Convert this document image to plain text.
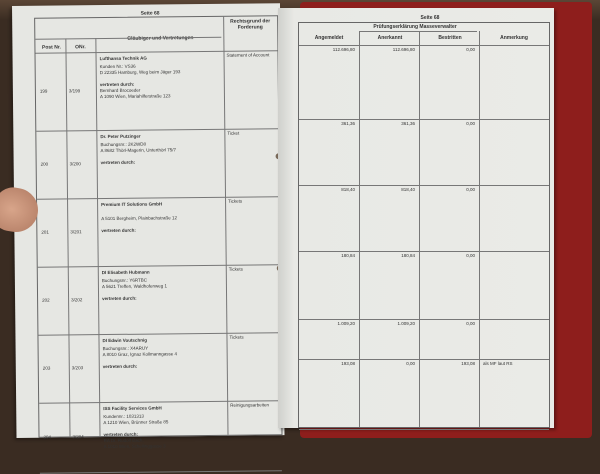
Seite 68
Post Nr.	ONr.
Gläubiger und Vertretungen
Rechtsgrund der Forderung
199	3/199
Lufthansa Technik AG
Kunden Nr.: VS36
D 22335 Hamburg, Weg beim Jäger 193
vertreten durch:
Bernhard Brocoeder
A 1090 Wien, Mariahilferstraße 123
Statement of Account
200	3/200
Dr. Peter Putzinger
Buchungsnr.: 2K2WD8
A 8682 Thörl-Magerin, Unterthörl 75/7
vertreten durch:
Ticket
201	3/201
Premium IT Solutions GmbH
A 5101 Bergheim, Plainbachstraße 12
vertreten durch:
Tickets
202	3/202
DI Elisabeth Hubmann
Buchungsnr.: Y6RTBC
A 5621 Treffen, Waldhofenweg 1
vertreten durch:
Tickets
203	3/203
DI Edwin Voutschnig
Buchungsnr.: X4ARUY
A 8010 Graz, Ignaz Kollmanngasse 4
vertreten durch:
Tickets
204	3/204
ISS Facility Services GmbH
Kundennr.: 1031313
A 1210 Wien, Brünner Straße 85
vertreten durch:
RA Dr. Rudolf Bach,
A 1010 Wien, Schellinggasse 3
Reinigungsarbeiten
Seite 68
Prüfungserklärung Masseverwalter
Angemeldet	Anerkannt	Bestritten	Anmerkung
112.696,80	112.696,80	0,00
361,36	361,36	0,00
818,40	818,40	0,00
180,84	180,84	0,00
1.009,20	1.009,20	0,00
193,08	0,00	193,08 als MF laut RS
